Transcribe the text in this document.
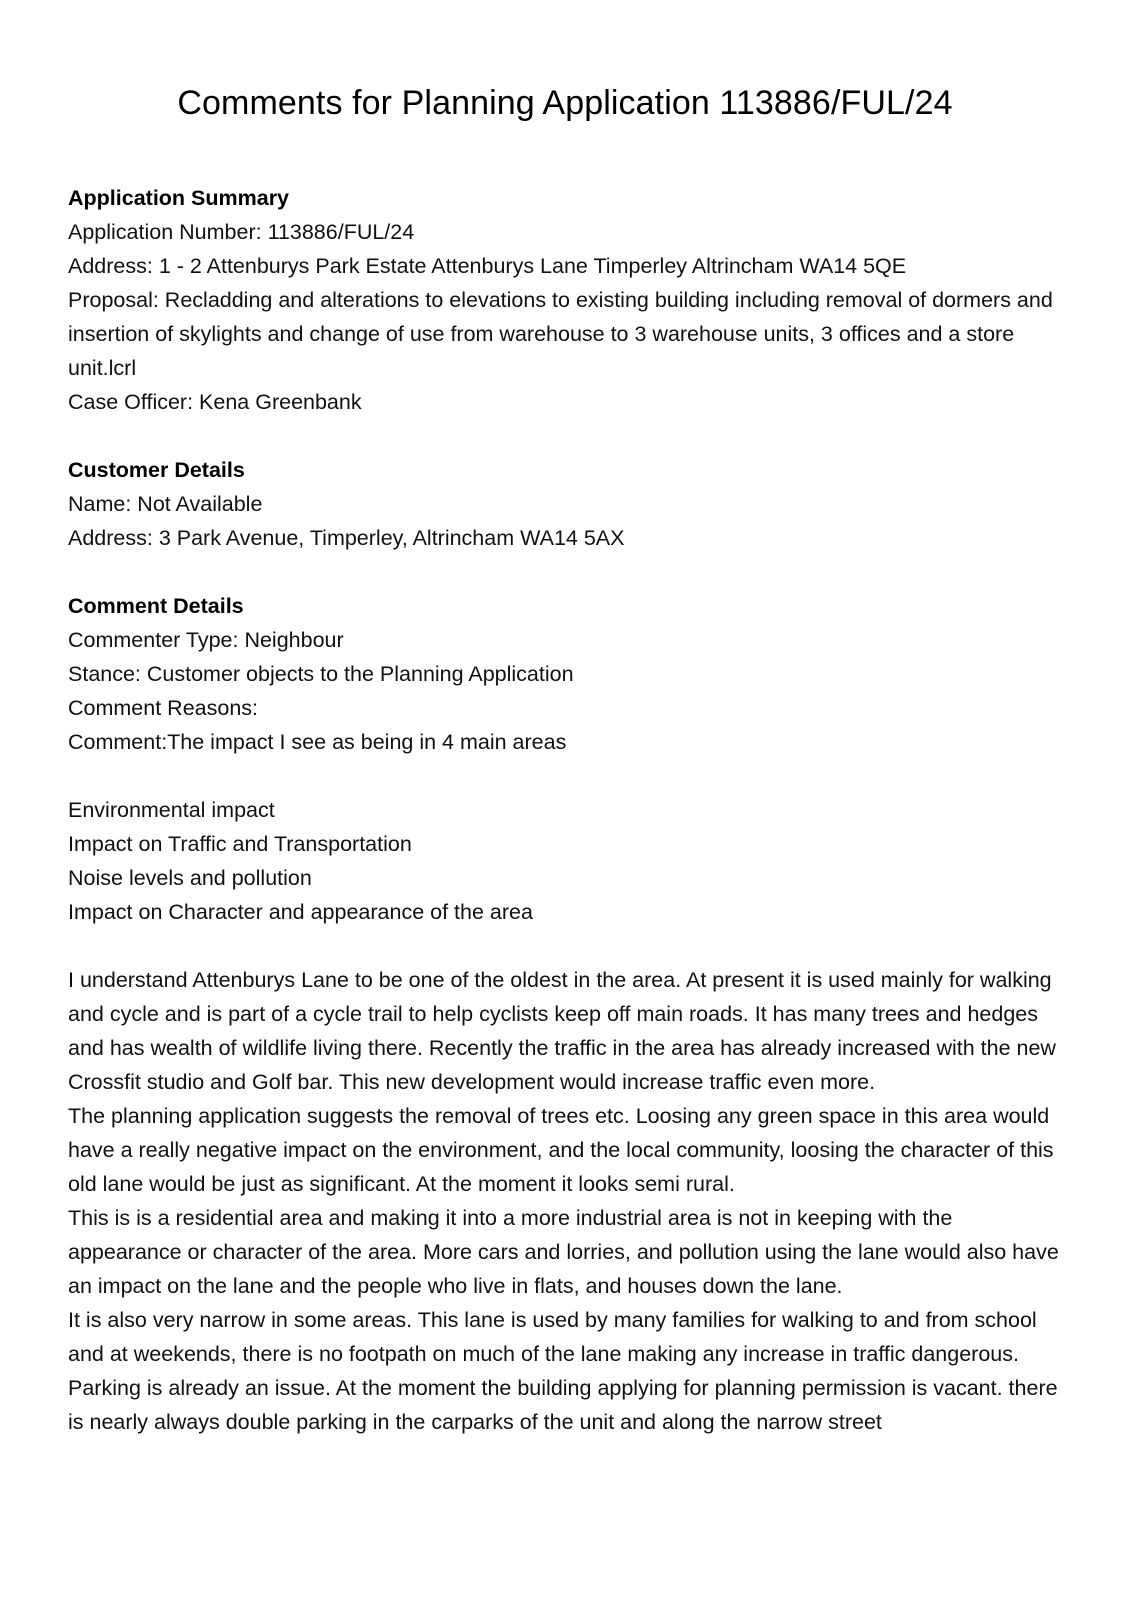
Comments for Planning Application 113886/FUL/24

Application Summary

Application Number: 113886/FUL/24

Address: 1 - 2 Attenburys Park Estate Attenburys Lane Timperley Altrincham WA14 5QE

Proposal: Recladding and alterations to elevations to existing building including removal of dormers and insertion of skylights and change of use from warehouse to 3 warehouse units, 3 offices and a store unit.lcrl

Case Officer: Kena Greenbank

Customer Details

Name: Not Available

Address: 3 Park Avenue, Timperley, Altrincham WA14 5AX

Comment Details

Commenter Type: Neighbour

Stance: Customer objects to the Planning Application

Comment Reasons:

Comment:The impact I see as being in 4 main areas

Environmental impact

Impact on Traffic and Transportation

Noise levels and pollution

Impact on Character and appearance of the area

I understand Attenburys Lane to be one of the oldest in the area. At present it is used mainly for walking and cycle and is part of a cycle trail to help cyclists keep off main roads. It has many trees and hedges and has wealth of wildlife living there. Recently the traffic in the area has already increased with the new Crossfit studio and Golf bar. This new development would increase traffic even more.

The planning application suggests the removal of trees etc. Loosing any green space in this area would have a really negative impact on the environment, and the local community, loosing the character of this old lane would be just as significant. At the moment it looks semi rural.

This is is a residential area and making it into a more industrial area is not in keeping with the appearance or character of the area. More cars and lorries, and pollution using the lane would also have an impact on the lane and the people who live in flats, and houses down the lane.

It is also very narrow in some areas. This lane is used by many families for walking to and from school and at weekends, there is no footpath on much of the lane making any increase in traffic dangerous.

Parking is already an issue. At the moment the building applying for planning permission is vacant. there is nearly always double parking in the carparks of the unit and along the narrow street
